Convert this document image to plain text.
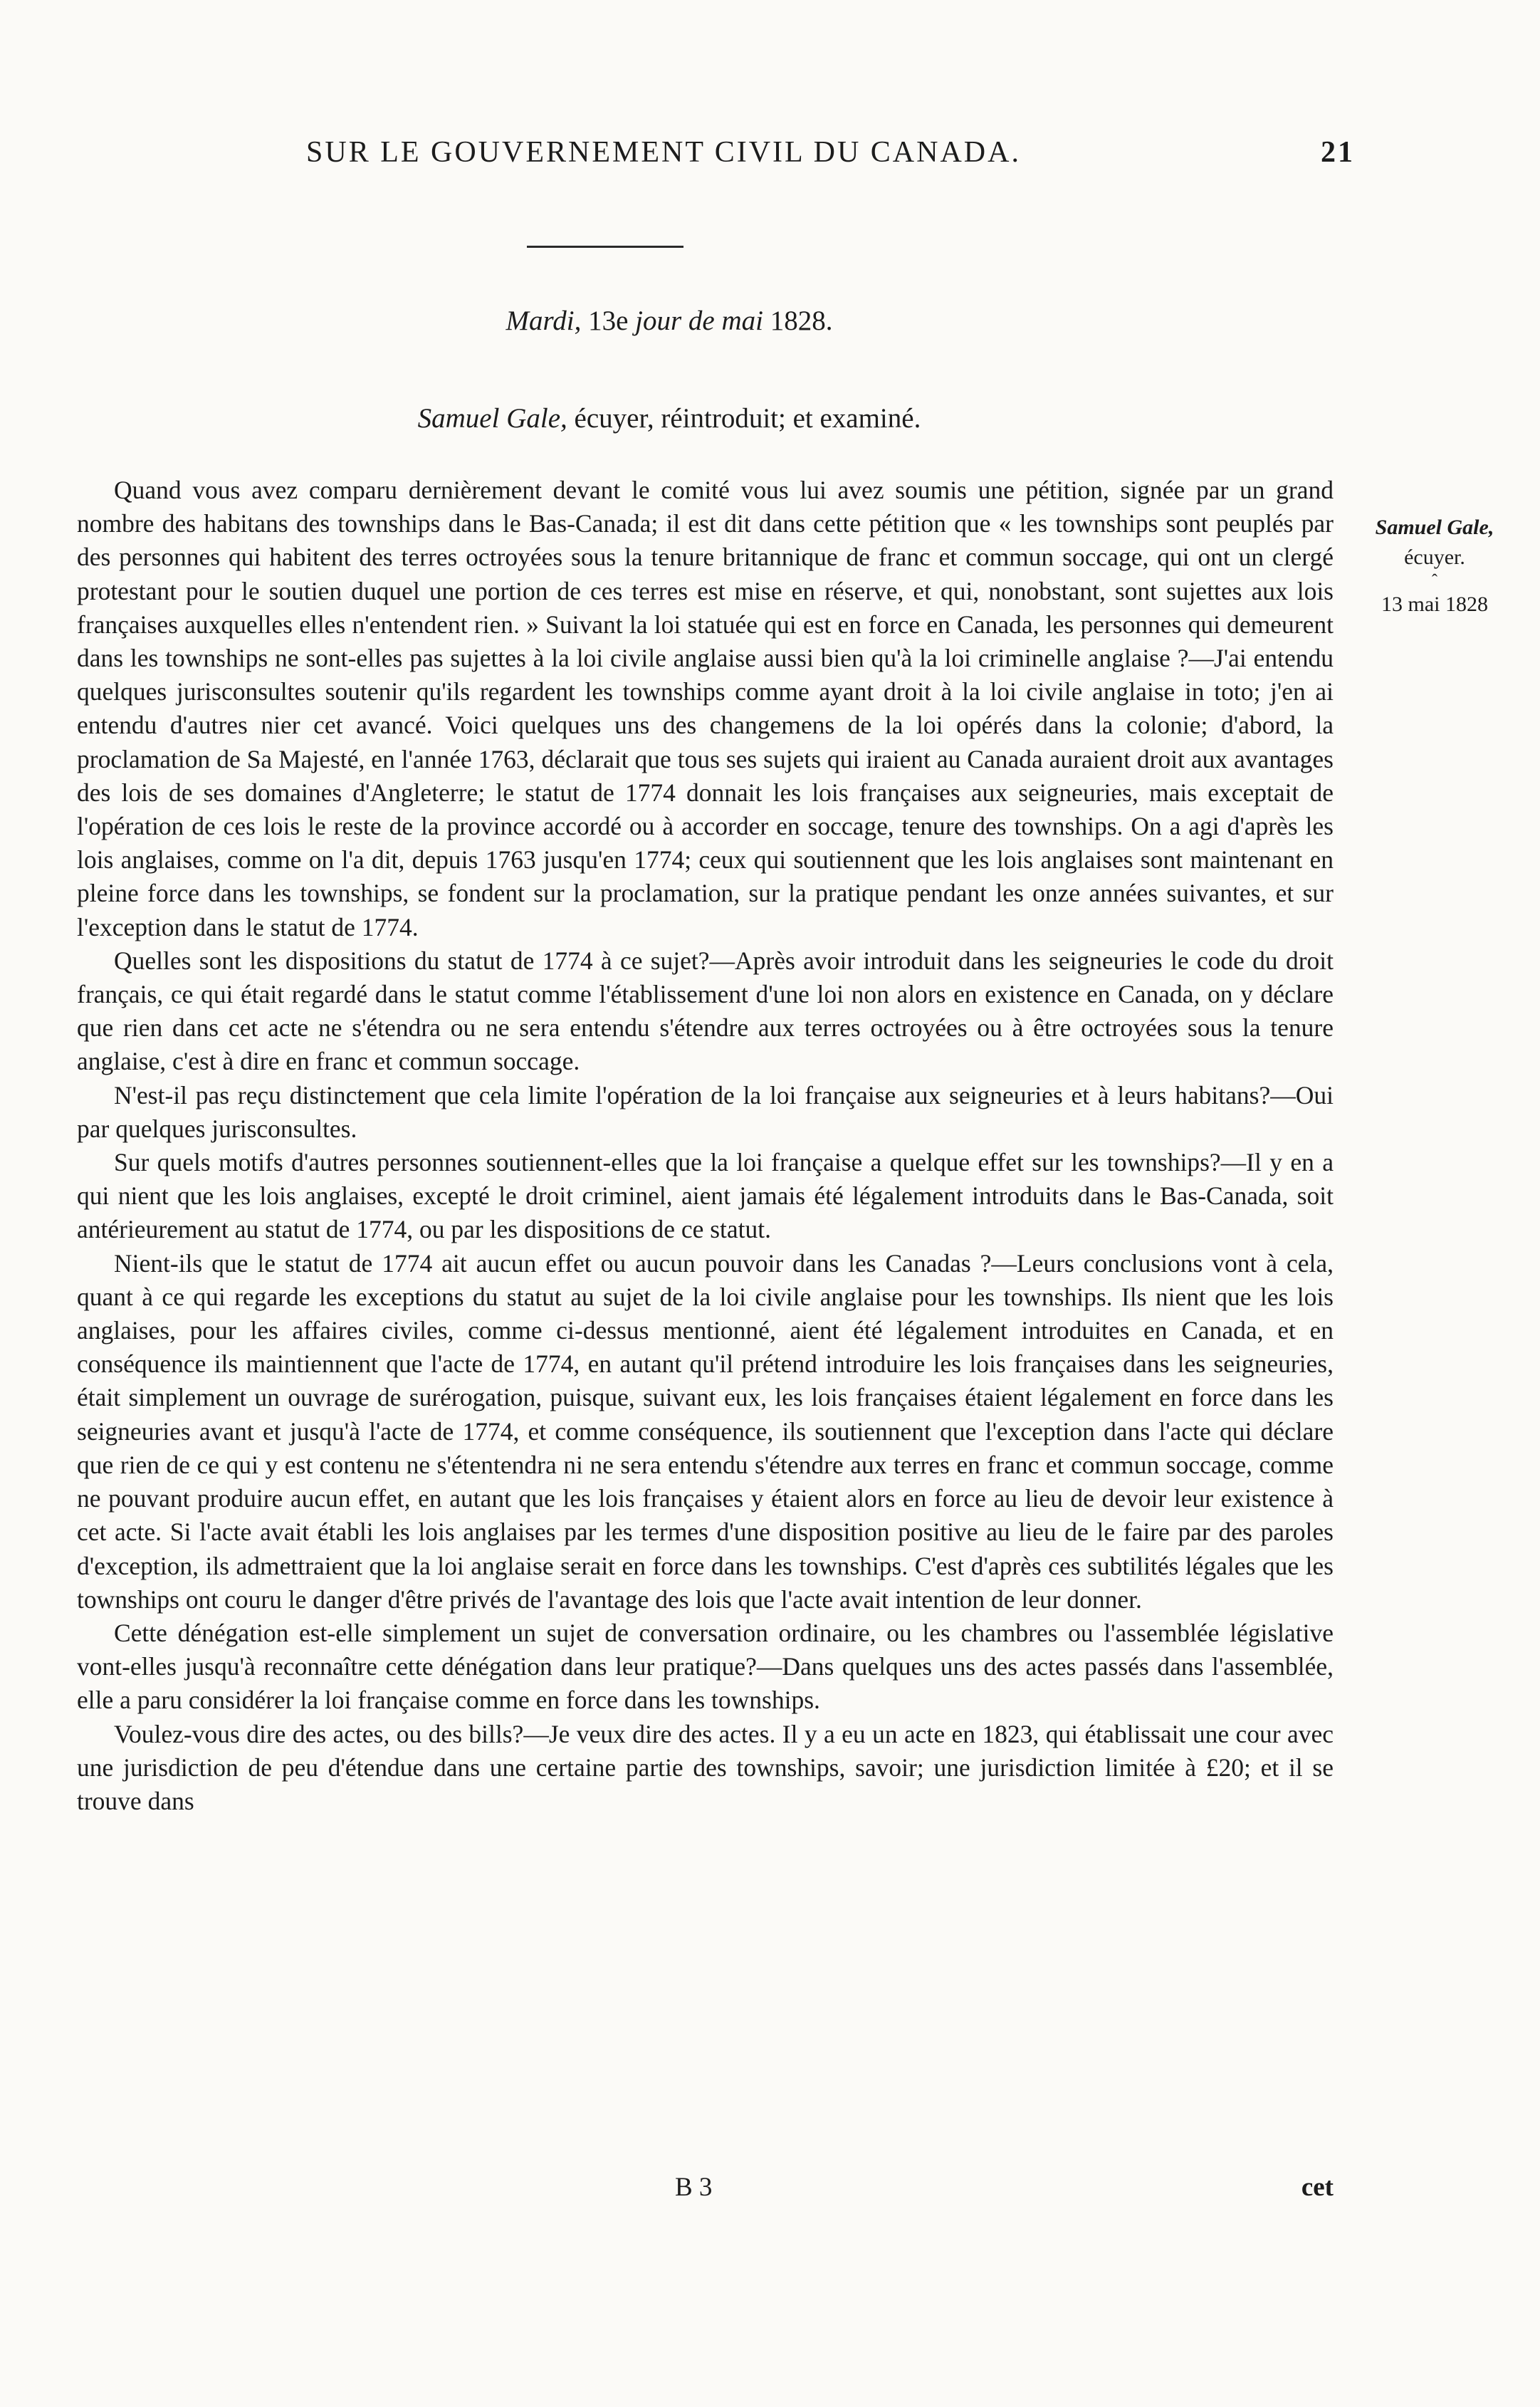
SUR LE GOUVERNEMENT CIVIL DU CANADA.	21
Mardi, 13e jour de mai 1828.
Samuel Gale, écuyer, réintroduit; et examiné.

Quand vous avez comparu dernièrement devant le comité vous lui avez soumis une pétition, signée par un grand nombre des habitans des townships dans le Bas-Canada; il est dit dans cette pétition que « les townships sont peuplés par des personnes qui habitent des terres octroyées sous la tenure britannique de franc et commun soccage, qui ont un clergé protestant pour le soutien duquel une portion de ces terres est mise en réserve, et qui, nonobstant, sont sujettes aux lois françaises auxquelles elles n'entendent rien. » Suivant la loi statuée qui est en force en Canada, les personnes qui demeurent dans les townships ne sont-elles pas sujettes à la loi civile anglaise aussi bien qu'à la loi criminelle anglaise ?—J'ai entendu quelques jurisconsultes soutenir qu'ils regardent les townships comme ayant droit à la loi civile anglaise in toto; j'en ai entendu d'autres nier cet avancé. Voici quelques uns des changemens de la loi opérés dans la colonie; d'abord, la proclamation de Sa Majesté, en l'année 1763, déclarait que tous ses sujets qui iraient au Canada auraient droit aux avantages des lois de ses domaines d'Angleterre; le statut de 1774 donnait les lois françaises aux seigneuries, mais exceptait de l'opération de ces lois le reste de la province accordé ou à accorder en soccage, tenure des townships. On a agi d'après les lois anglaises, comme on l'a dit, depuis 1763 jusqu'en 1774; ceux qui soutiennent que les lois anglaises sont maintenant en pleine force dans les townships, se fondent sur la proclamation, sur la pratique pendant les onze années suivantes, et sur l'exception dans le statut de 1774.

Quelles sont les dispositions du statut de 1774 à ce sujet?—Après avoir introduit dans les seigneuries le code du droit français, ce qui était regardé dans le statut comme l'établissement d'une loi non alors en existence en Canada, on y déclare que rien dans cet acte ne s'étendra ou ne sera entendu s'étendre aux terres octroyées ou à être octroyées sous la tenure anglaise, c'est à dire en franc et commun soccage.

N'est-il pas reçu distinctement que cela limite l'opération de la loi française aux seigneuries et à leurs habitans?—Oui par quelques jurisconsultes.

Sur quels motifs d'autres personnes soutiennent-elles que la loi française a quelque effet sur les townships?—Il y en a qui nient que les lois anglaises, excepté le droit criminel, aient jamais été légalement introduits dans le Bas-Canada, soit antérieurement au statut de 1774, ou par les dispositions de ce statut.

Nient-ils que le statut de 1774 ait aucun effet ou aucun pouvoir dans les Canadas ?—Leurs conclusions vont à cela, quant à ce qui regarde les exceptions du statut au sujet de la loi civile anglaise pour les townships. Ils nient que les lois anglaises, pour les affaires civiles, comme ci-dessus mentionné, aient été légalement introduites en Canada, et en conséquence ils maintiennent que l'acte de 1774, en autant qu'il prétend introduire les lois françaises dans les seigneuries, était simplement un ouvrage de surérogation, puisque, suivant eux, les lois françaises étaient légalement en force dans les seigneuries avant et jusqu'à l'acte de 1774, et comme conséquence, ils soutiennent que l'exception dans l'acte qui déclare que rien de ce qui y est contenu ne s'étentendra ni ne sera entendu s'étendre aux terres en franc et commun soccage, comme ne pouvant produire aucun effet, en autant que les lois françaises y étaient alors en force au lieu de devoir leur existence à cet acte. Si l'acte avait établi les lois anglaises par les termes d'une disposition positive au lieu de le faire par des paroles d'exception, ils admettraient que la loi anglaise serait en force dans les townships. C'est d'après ces subtilités légales que les townships ont couru le danger d'être privés de l'avantage des lois que l'acte avait intention de leur donner.

Cette dénégation est-elle simplement un sujet de conversation ordinaire, ou les chambres ou l'assemblée législative vont-elles jusqu'à reconnaître cette dénégation dans leur pratique?—Dans quelques uns des actes passés dans l'assemblée, elle a paru considérer la loi française comme en force dans les townships.

Voulez-vous dire des actes, ou des bills?—Je veux dire des actes. Il y a eu un acte en 1823, qui établissait une cour avec une jurisdiction de peu d'étendue dans une certaine partie des townships, savoir; une jurisdiction limitée à £20; et il se trouve dans

Samuel Gale,
écuyer.
ˆ
13 mai 1828
B 3	cet
